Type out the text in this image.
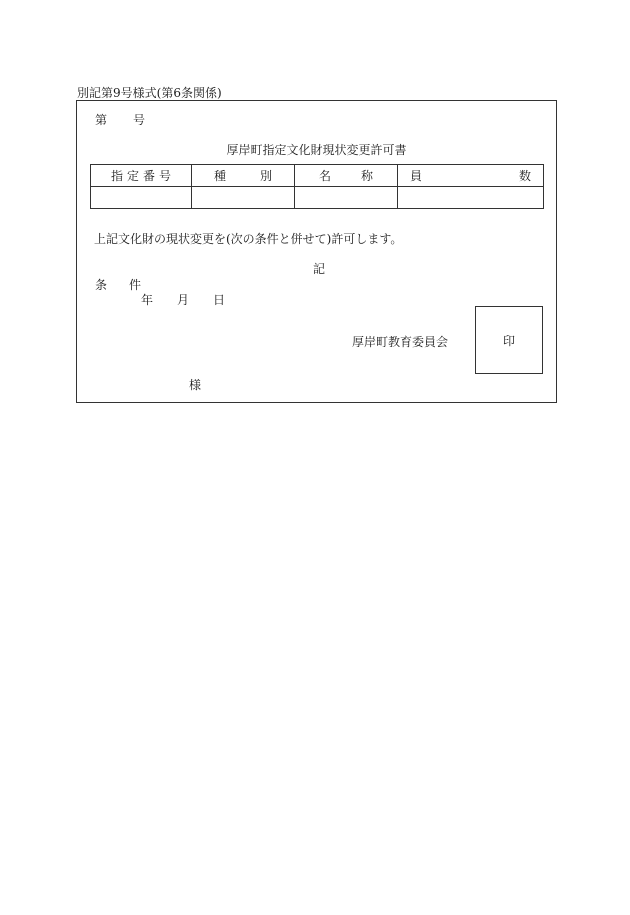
別記第9号様式(第6条関係)
第 号
厚岸町指定文化財現状変更許可書
指 定 番 号	種 別	名 称	員 数

上記文化財の現状変更を(次の条件と併せて)許可します。
記
条 件
年 月 日
厚岸町教育委員会	印
様
